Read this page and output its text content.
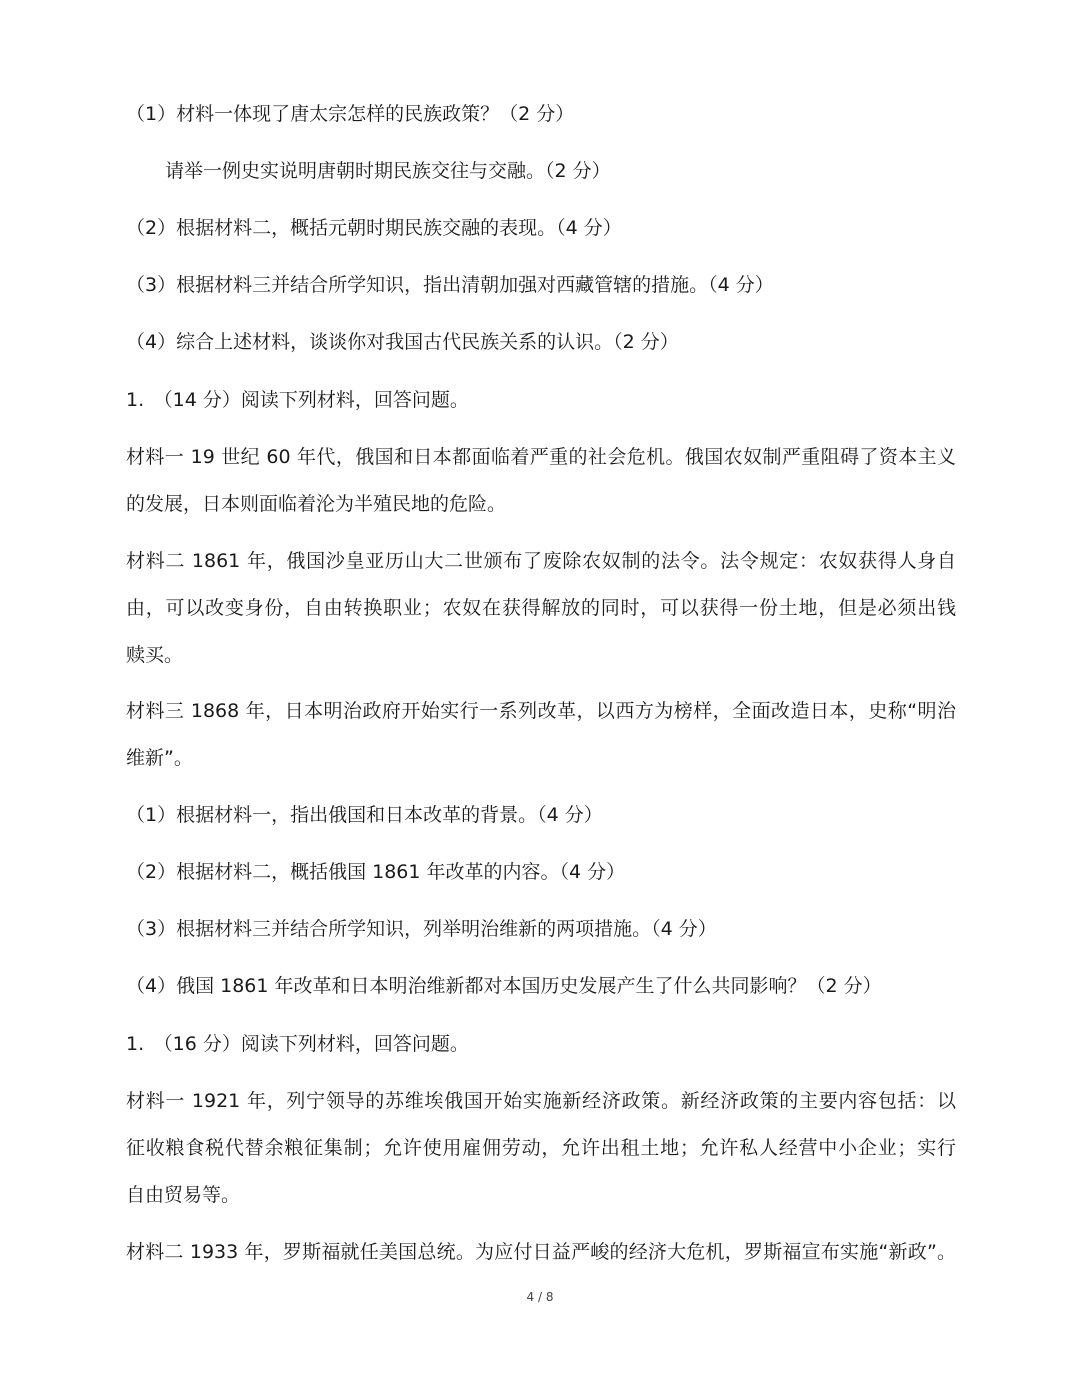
（1）材料一体现了唐太宗怎样的民族政策？（2 分）
请举一例史实说明唐朝时期民族交往与交融。（2 分）
（2）根据材料二，概括元朝时期民族交融的表现。（4 分）
（3）根据材料三并结合所学知识，指出清朝加强对西藏管辖的措施。（4 分）
（4）综合上述材料，谈谈你对我国古代民族关系的认识。（2 分）
1.　（14 分）阅读下列材料，回答问题。
材料一 19 世纪 60 年代，俄国和日本都面临着严重的社会危机。俄国农奴制严重阻碍了资本主义
的发展，日本则面临着沦为半殖民地的危险。
材料二 1861 年，俄国沙皇亚历山大二世颁布了废除农奴制的法令。法令规定：农奴获得人身自
由，可以改变身份，自由转换职业；农奴在获得解放的同时，可以获得一份土地，但是必须出钱
赎买。
材料三 1868 年，日本明治政府开始实行一系列改革，以西方为榜样，全面改造日本，史称“明治
维新”。
（1）根据材料一，指出俄国和日本改革的背景。（4 分）
（2）根据材料二，概括俄国 1861 年改革的内容。（4 分）
（3）根据材料三并结合所学知识，列举明治维新的两项措施。（4 分）
（4）俄国 1861 年改革和日本明治维新都对本国历史发展产生了什么共同影响？（2 分）
1.　（16 分）阅读下列材料，回答问题。
材料一 1921 年，列宁领导的苏维埃俄国开始实施新经济政策。新经济政策的主要内容包括：以
征收粮食税代替余粮征集制；允许使用雇佣劳动，允许出租土地；允许私人经营中小企业；实行
自由贸易等。
材料二 1933 年，罗斯福就任美国总统。为应付日益严峻的经济大危机，罗斯福宣布实施“新政”。
4 / 8
